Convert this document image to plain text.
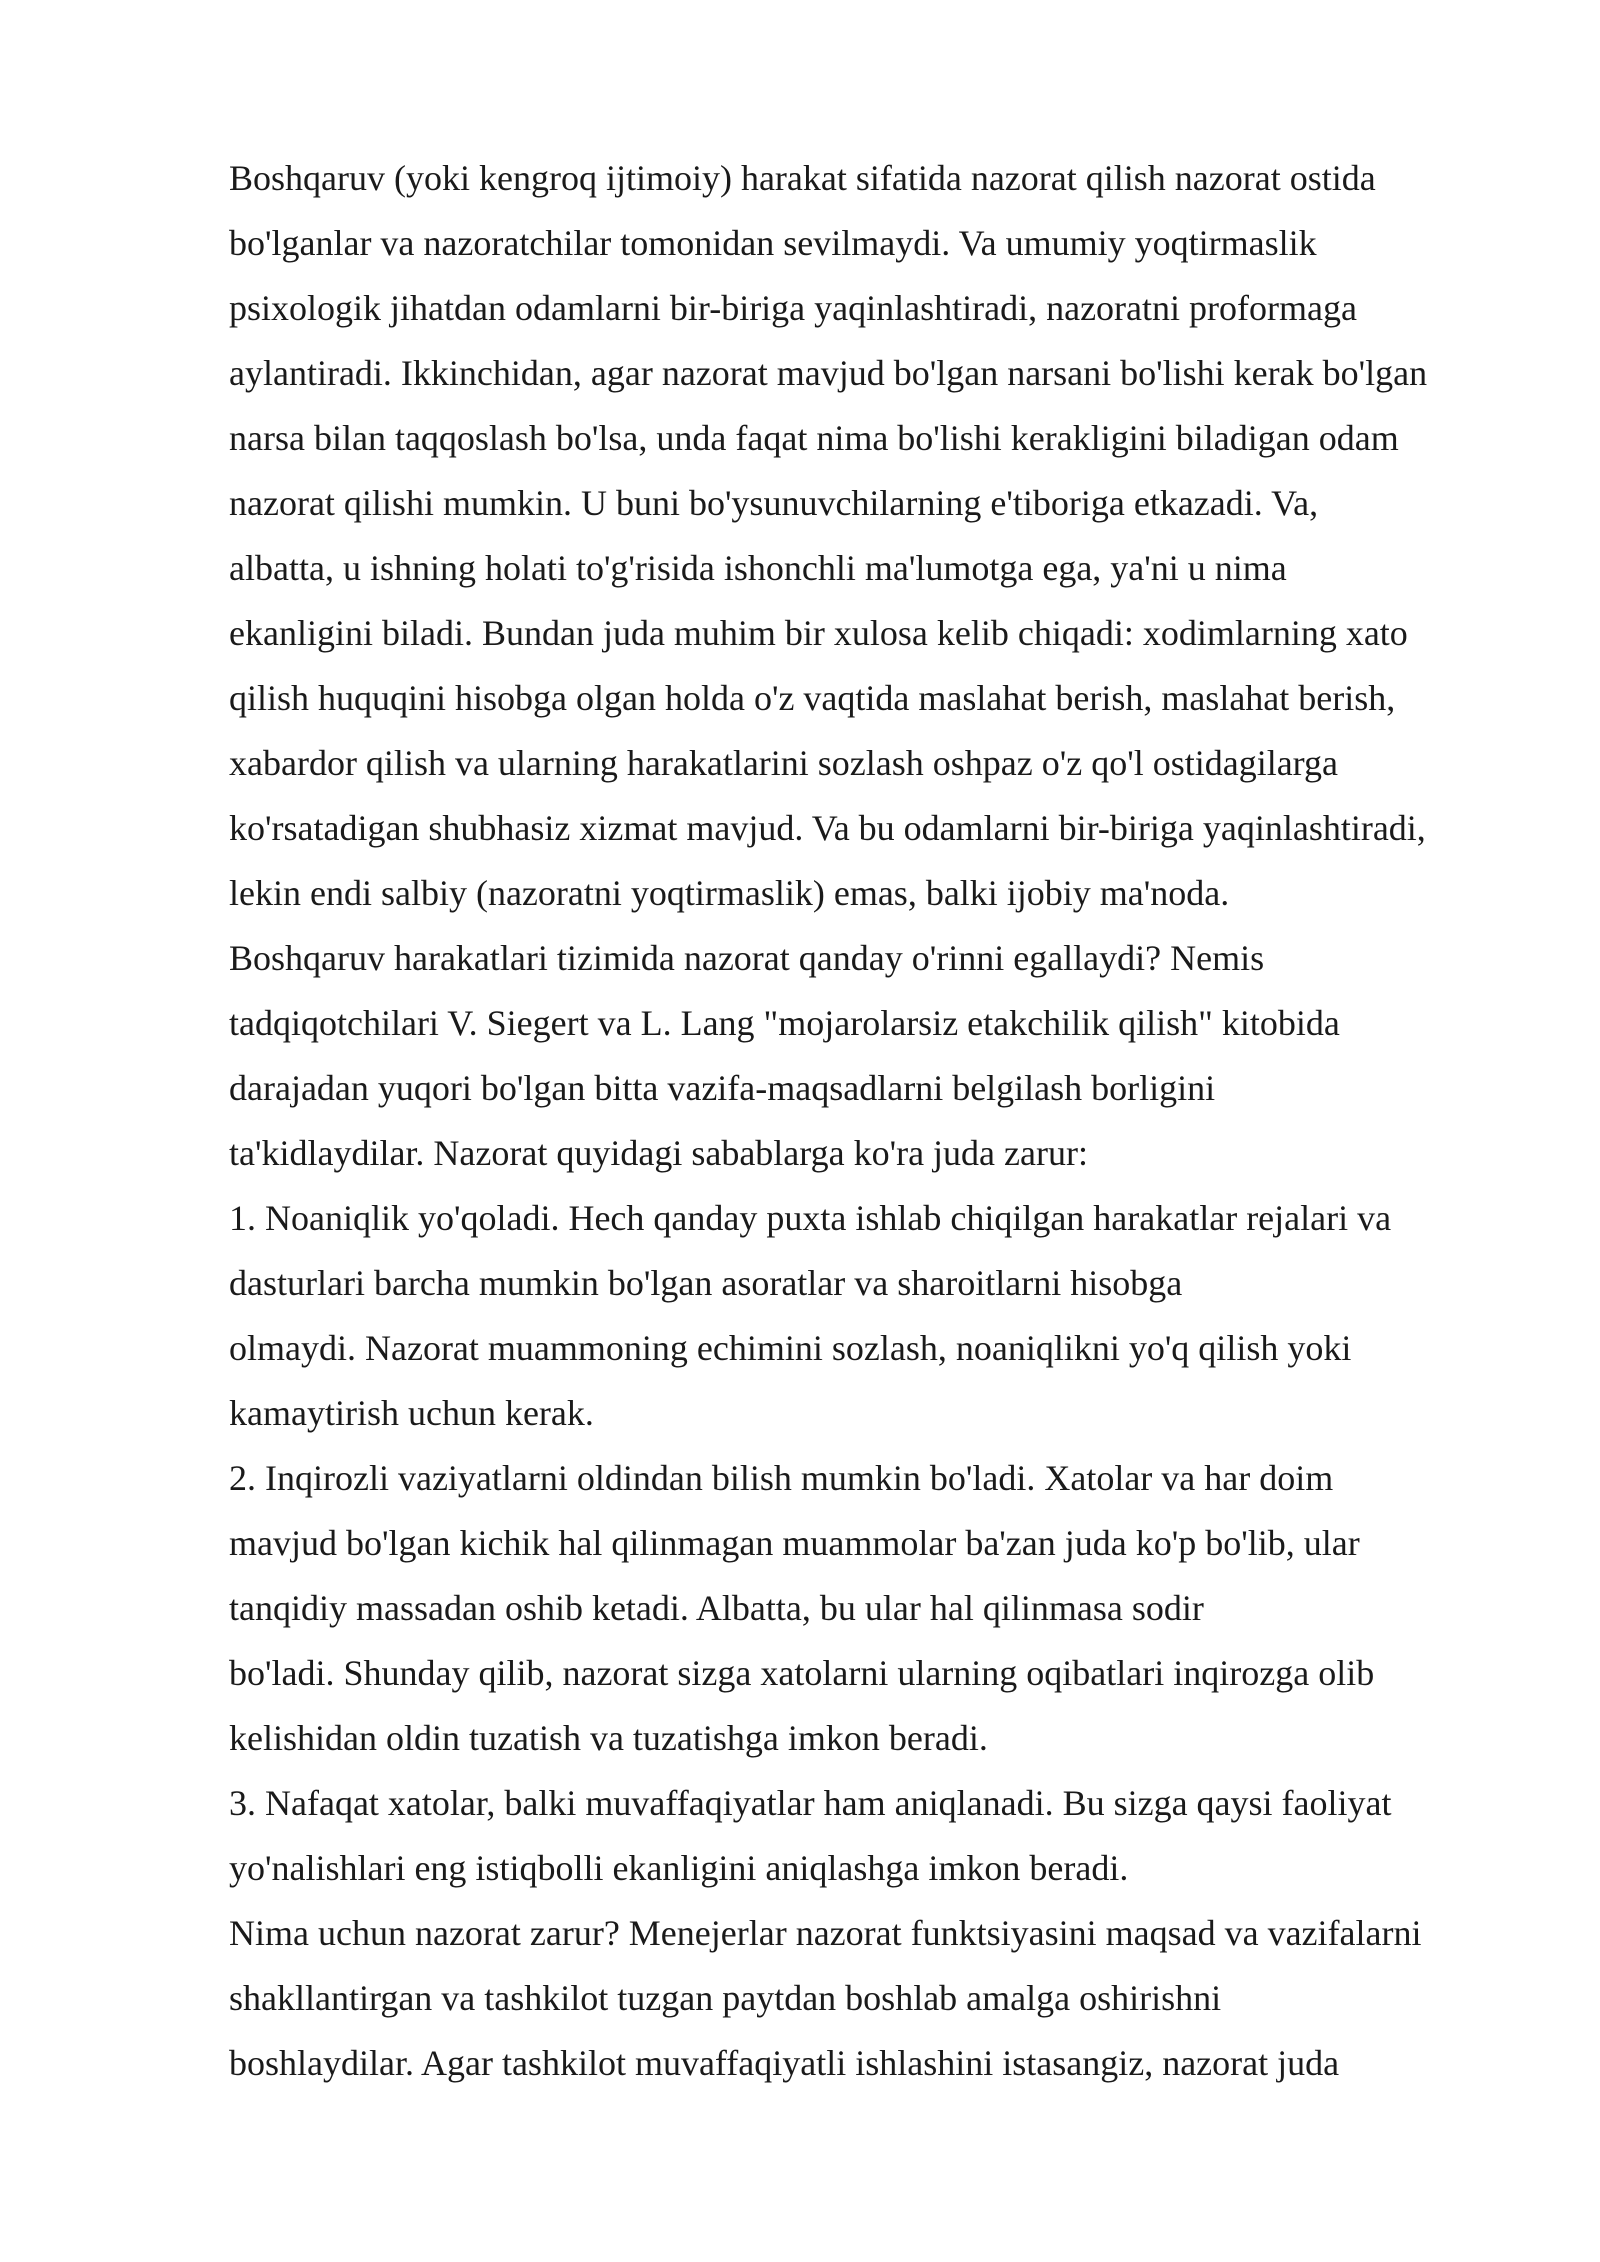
Boshqaruv (yoki kengroq ijtimoiy) harakat sifatida nazorat qilish nazorat ostida
bo'lganlar va nazoratchilar tomonidan sevilmaydi. Va umumiy yoqtirmaslik
psixologik jihatdan odamlarni bir-biriga yaqinlashtiradi, nazoratni proformaga
aylantiradi. Ikkinchidan, agar nazorat mavjud bo'lgan narsani bo'lishi kerak bo'lgan
narsa bilan taqqoslash bo'lsa, unda faqat nima bo'lishi kerakligini biladigan odam
nazorat qilishi mumkin. U buni bo'ysunuvchilarning e'tiboriga etkazadi. Va,
albatta, u ishning holati to'g'risida ishonchli ma'lumotga ega, ya'ni u nima
ekanligini biladi. Bundan juda muhim bir xulosa kelib chiqadi: xodimlarning xato
qilish huquqini hisobga olgan holda o'z vaqtida maslahat berish, maslahat berish,
xabardor qilish va ularning harakatlarini sozlash oshpaz o'z qo'l ostidagilarga
ko'rsatadigan shubhasiz xizmat mavjud. Va bu odamlarni bir-biriga yaqinlashtiradi,
lekin endi salbiy (nazoratni yoqtirmaslik) emas, balki ijobiy ma'noda.
Boshqaruv harakatlari tizimida nazorat qanday o'rinni egallaydi? Nemis
tadqiqotchilari V. Siegert va L. Lang "mojarolarsiz etakchilik qilish" kitobida
darajadan yuqori bo'lgan bitta vazifa-maqsadlarni belgilash borligini
ta'kidlaydilar. Nazorat quyidagi sabablarga ko'ra juda zarur:
1. Noaniqlik yo'qoladi. Hech qanday puxta ishlab chiqilgan harakatlar rejalari va
dasturlari barcha mumkin bo'lgan asoratlar va sharoitlarni hisobga
olmaydi. Nazorat muammoning echimini sozlash, noaniqlikni yo'q qilish yoki
kamaytirish uchun kerak.
2. Inqirozli vaziyatlarni oldindan bilish mumkin bo'ladi. Xatolar va har doim
mavjud bo'lgan kichik hal qilinmagan muammolar ba'zan juda ko'p bo'lib, ular
tanqidiy massadan oshib ketadi. Albatta, bu ular hal qilinmasa sodir
bo'ladi. Shunday qilib, nazorat sizga xatolarni ularning oqibatlari inqirozga olib
kelishidan oldin tuzatish va tuzatishga imkon beradi.
3. Nafaqat xatolar, balki muvaffaqiyatlar ham aniqlanadi. Bu sizga qaysi faoliyat
yo'nalishlari eng istiqbolli ekanligini aniqlashga imkon beradi.
Nima uchun nazorat zarur? Menejerlar nazorat funktsiyasini maqsad va vazifalarni
shakllantirgan va tashkilot tuzgan paytdan boshlab amalga oshirishni
boshlaydilar. Agar tashkilot muvaffaqiyatli ishlashini istasangiz, nazorat juda
